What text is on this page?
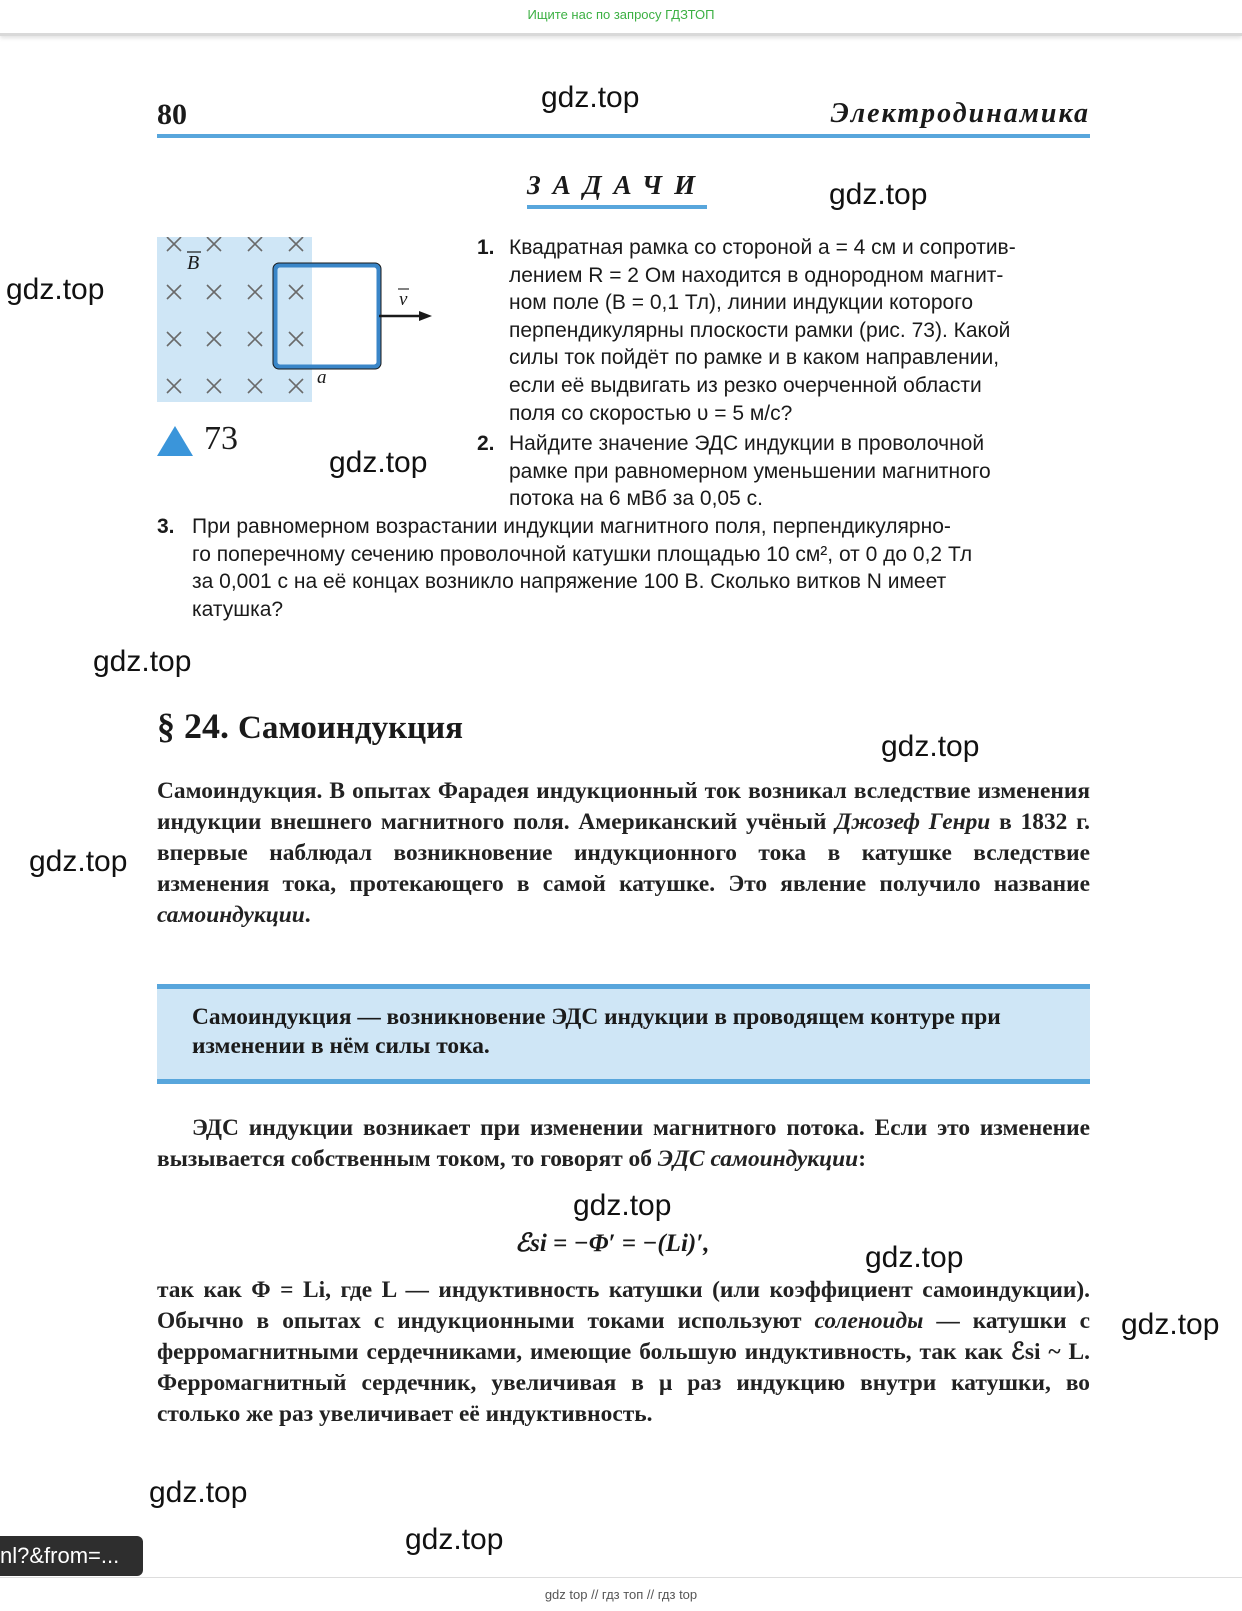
Ищите нас по запросу ГДЗТОП
80	Электродинамика
ЗАДАЧИ
B
v
a
73
1. Квадратная рамка со стороной a = 4 см и сопротив-
лением R = 2 Ом находится в однородном магнит-
ном поле (B = 0,1 Тл), линии индукции которого
перпендикулярны плоскости рамки (рис. 73). Какой
силы ток пойдёт по рамке и в каком направлении,
если её выдвигать из резко очерченной области
поля со скоростью υ = 5 м/с?
2. Найдите значение ЭДС индукции в проволочной
рамке при равномерном уменьшении магнитного
потока на 6 мВб за 0,05 с.
3. При равномерном возрастании индукции магнитного поля, перпендикулярно-
го поперечному сечению проволочной катушки площадью 10 см², от 0 до 0,2 Тл
за 0,001 с на её концах возникло напряжение 100 В. Сколько витков N имеет
катушка?
§ 24. Самоиндукция
Самоиндукция. В опытах Фарадея индукционный ток возникал вследствие изменения индукции внешнего магнитного поля. Американский учёный Джозеф Генри в 1832 г. впервые наблюдал возникновение индукционного тока в катушке вследствие изменения тока, протекающего в самой катушке. Это явление получило название самоиндукции.
Самоиндукция — возникновение ЭДС индукции в проводящем контуре при изменении в нём силы тока.
ЭДС индукции возникает при изменении магнитного потока. Если это изменение вызывается собственным током, то говорят об ЭДС самоиндукции:
ℰsi = −Φ′ = −(Li)′,
так как Φ = Li, где L — индуктивность катушки (или коэффициент самоиндукции). Обычно в опытах с индукционными токами используют соленоиды — катушки с ферромагнитными сердечниками, имеющие большую индуктивность, так как ℰsi ~ L. Ферромагнитный сердечник, увеличивая в μ раз индукцию внутри катушки, во столько же раз увеличивает её индуктивность.
gdz.top
gdz.top
gdz.top
gdz.top
gdz.top
gdz.top
gdz.top
gdz.top
gdz.top
gdz.top
gdz.top
gdz.top
nl?&from=...
gdz top // гдз топ // гдз top
